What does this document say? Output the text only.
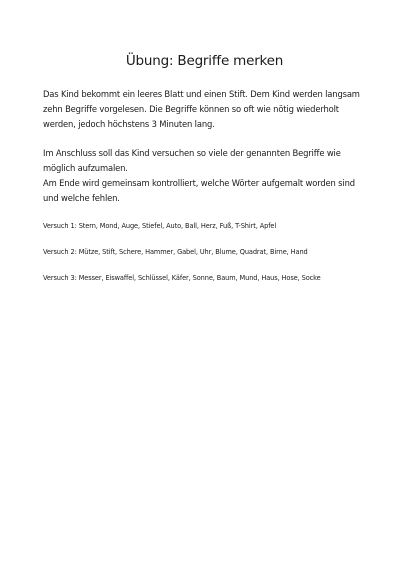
Übung: Begriffe merken

Das Kind bekommt ein leeres Blatt und einen Stift. Dem Kind werden langsam zehn Begriffe vorgelesen. Die Begriffe können so oft wie nötig wiederholt werden, jedoch höchstens 3 Minuten lang.

Im Anschluss soll das Kind versuchen so viele der genannten Begriffe wie möglich aufzumalen.

Am Ende wird gemeinsam kontrolliert, welche Wörter aufgemalt worden sind und welche fehlen.

Versuch 1: Stern, Mond, Auge, Stiefel, Auto, Ball, Herz, Fuß, T-Shirt, Apfel
Versuch 2: Mütze, Stift, Schere, Hammer, Gabel, Uhr, Blume, Quadrat, Birne, Hand
Versuch 3: Messer, Eiswaffel, Schlüssel, Käfer, Sonne, Baum, Mund, Haus, Hose, Socke
